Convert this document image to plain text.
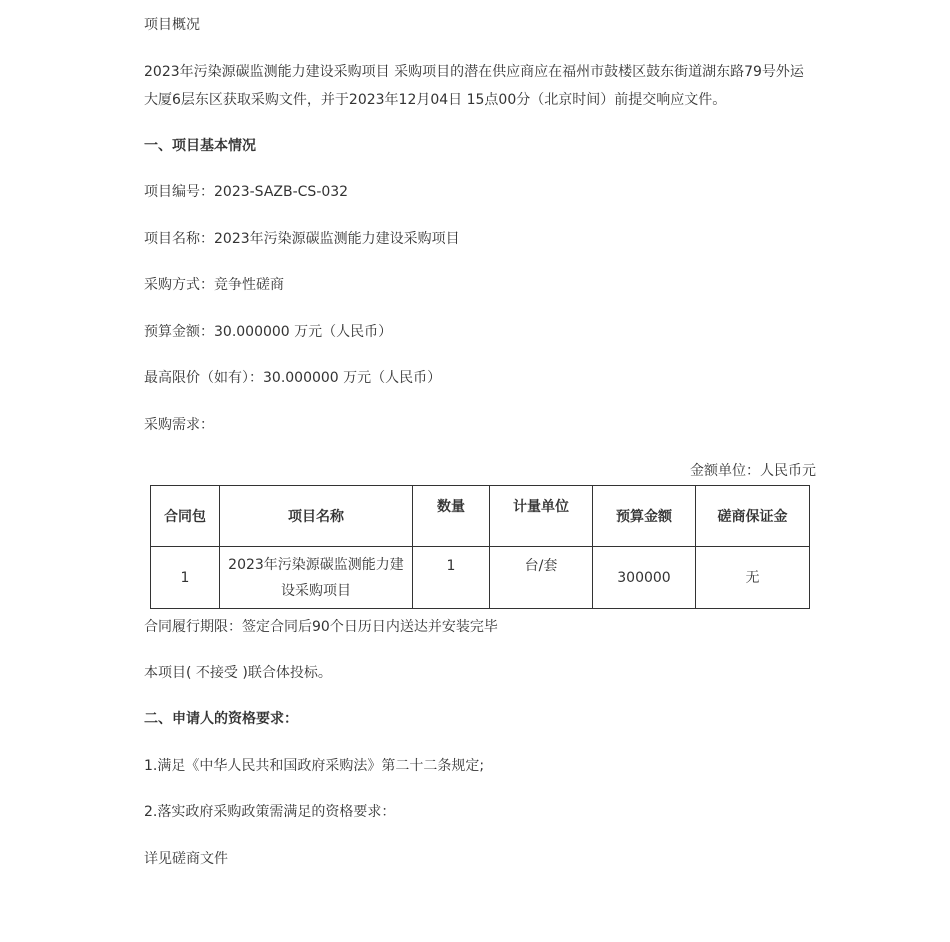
项目概况
2023年污染源碳监测能力建设采购项目 采购项目的潜在供应商应在福州市鼓楼区鼓东街道湖东路79号外运大厦6层东区获取采购文件，并于2023年12月04日 15点00分（北京时间）前提交响应文件。
一、项目基本情况
项目编号：2023-SAZB-CS-032
项目名称：2023年污染源碳监测能力建设采购项目
采购方式：竞争性磋商
预算金额：30.000000 万元（人民币）
最高限价（如有）：30.000000 万元（人民币）
采购需求：
金额单位：人民币元
合同包	项目名称	数量	计量单位	预算金额	磋商保证金
1	2023年污染源碳监测能力建设采购项目	1	台/套	300000	无
合同履行期限：签定合同后90个日历日内送达并安装完毕
本项目( 不接受 )联合体投标。
二、申请人的资格要求：
1.满足《中华人民共和国政府采购法》第二十二条规定;
2.落实政府采购政策需满足的资格要求：
详见磋商文件
